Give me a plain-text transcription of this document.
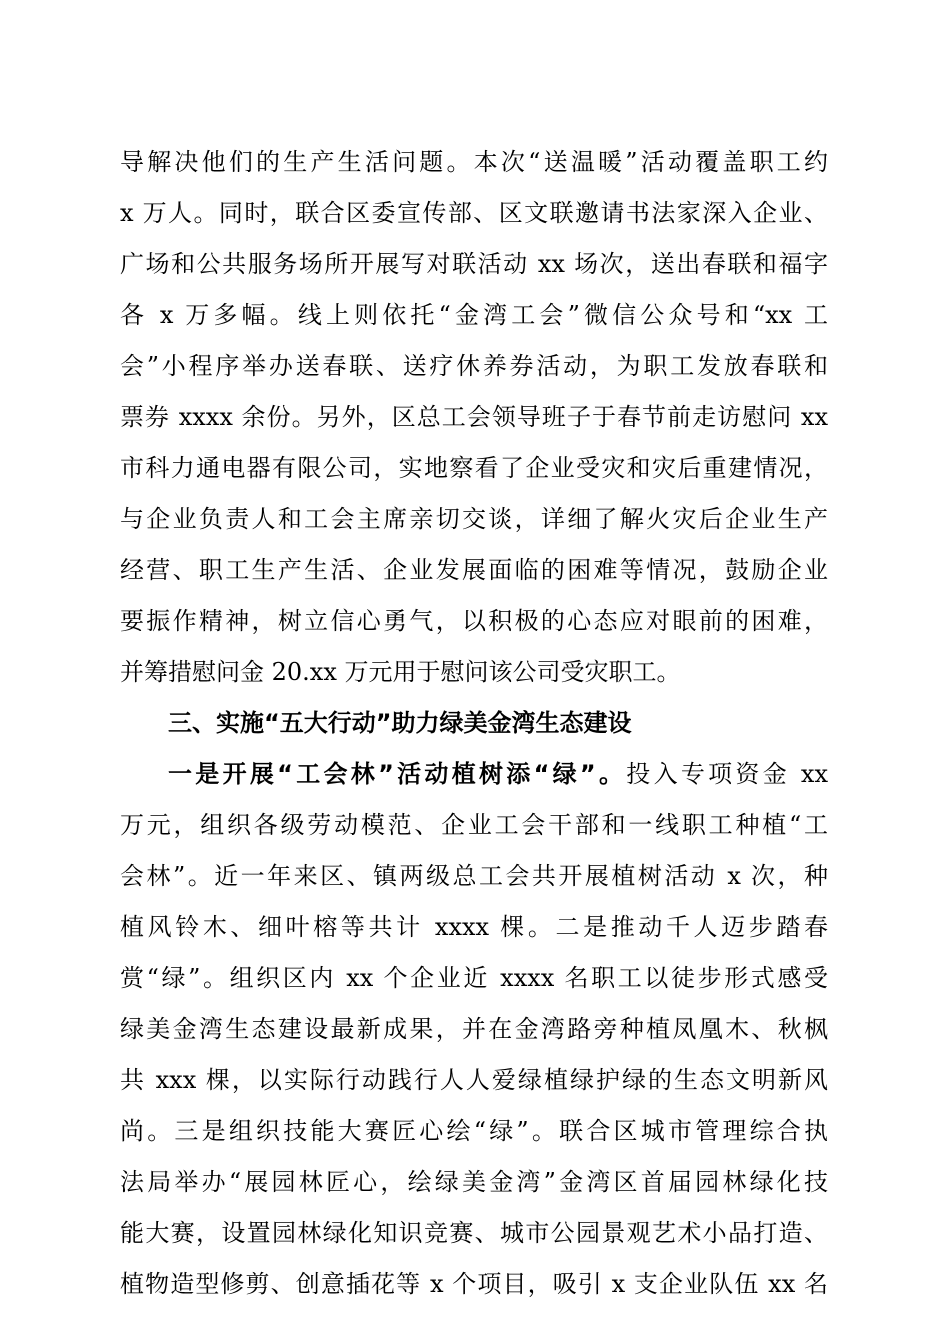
导解决他们的生产生活问题。本次“送温暖”活动覆盖职工约
x 万人。同时，联合区委宣传部、区文联邀请书法家深入企业、
广场和公共服务场所开展写对联活动 xx 场次，送出春联和福字
各 x 万多幅。线上则依托“金湾工会”微信公众号和“xx 工
会”小程序举办送春联、送疗休养券活动，为职工发放春联和
票券 xxxx 余份。另外，区总工会领导班子于春节前走访慰问 xx
市科力通电器有限公司，实地察看了企业受灾和灾后重建情况，
与企业负责人和工会主席亲切交谈，详细了解火灾后企业生产
经营、职工生产生活、企业发展面临的困难等情况，鼓励企业
要振作精神，树立信心勇气，以积极的心态应对眼前的困难，
并筹措慰问金 20.xx 万元用于慰问该公司受灾职工。
三、实施“五大行动”助力绿美金湾生态建设
一是开展“工会林”活动植树添“绿”。投入专项资金 xx
万元，组织各级劳动模范、企业工会干部和一线职工种植“工
会林”。近一年来区、镇两级总工会共开展植树活动 x 次，种
植风铃木、细叶榕等共计 xxxx 棵。二是推动千人迈步踏春
赏“绿”。组织区内 xx 个企业近 xxxx 名职工以徒步形式感受
绿美金湾生态建设最新成果，并在金湾路旁种植凤凰木、秋枫
共 xxx 棵，以实际行动践行人人爱绿植绿护绿的生态文明新风
尚。三是组织技能大赛匠心绘“绿”。联合区城市管理综合执
法局举办“展园林匠心，绘绿美金湾”金湾区首届园林绿化技
能大赛，设置园林绿化知识竞赛、城市公园景观艺术小品打造、
植物造型修剪、创意插花等 x 个项目，吸引 x 支企业队伍 xx 名
